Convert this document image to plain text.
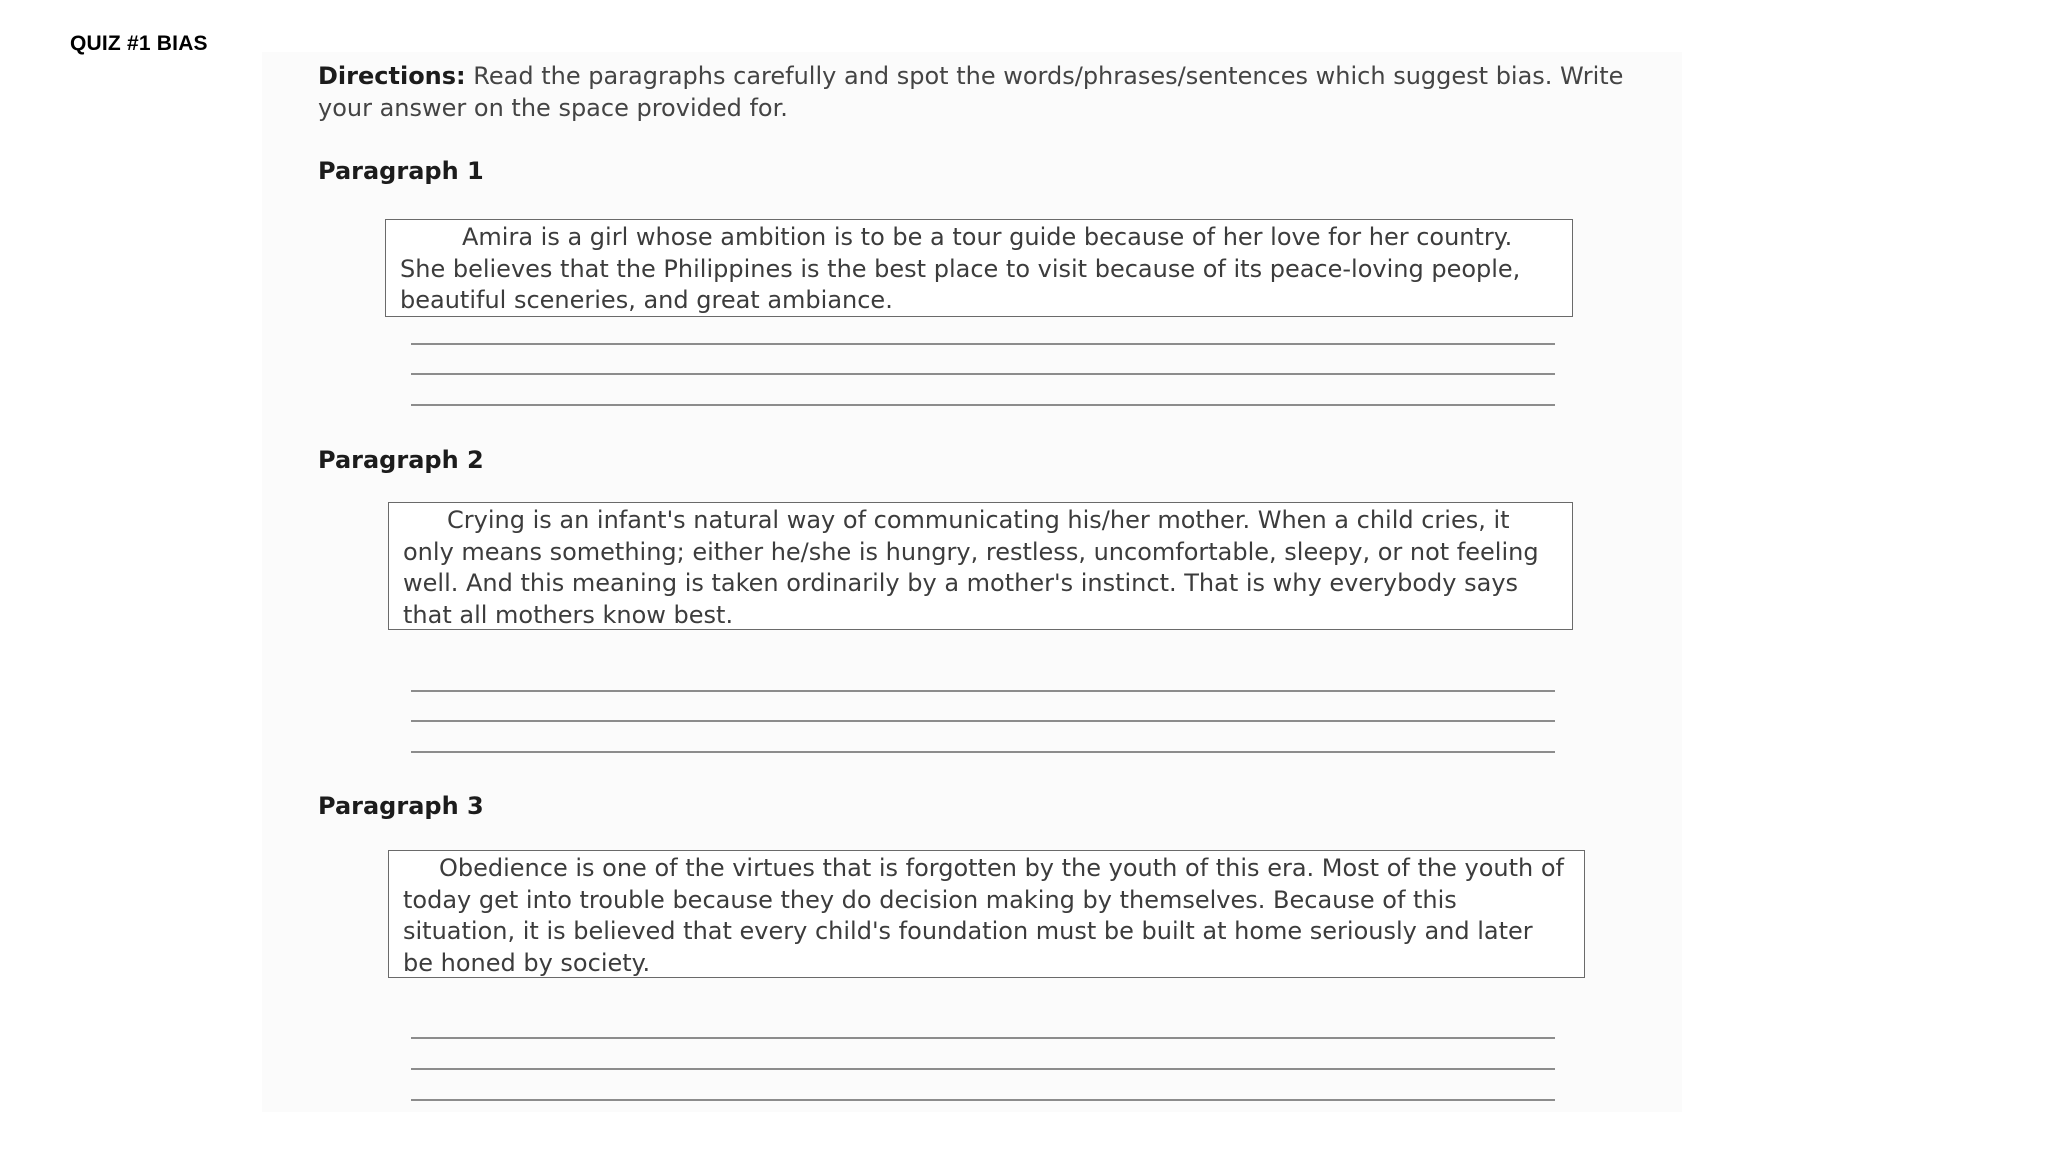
QUIZ #1 BIAS
Directions: Read the paragraphs carefully and spot the words/phrases/sentences which suggest bias. Write your answer on the space provided for.
Paragraph 1
Amira is a girl whose ambition is to be a tour guide because of her love for her country. She believes that the Philippines is the best place to visit because of its peace-loving people, beautiful sceneries, and great ambiance.
Paragraph 2
Crying is an infant's natural way of communicating his/her mother. When a child cries, it only means something; either he/she is hungry, restless, uncomfortable, sleepy, or not feeling well. And this meaning is taken ordinarily by a mother's instinct. That is why everybody says that all mothers know best.
Paragraph 3
Obedience is one of the virtues that is forgotten by the youth of this era. Most of the youth of today get into trouble because they do decision making by themselves. Because of this situation, it is believed that every child's foundation must be built at home seriously and later be honed by society.
